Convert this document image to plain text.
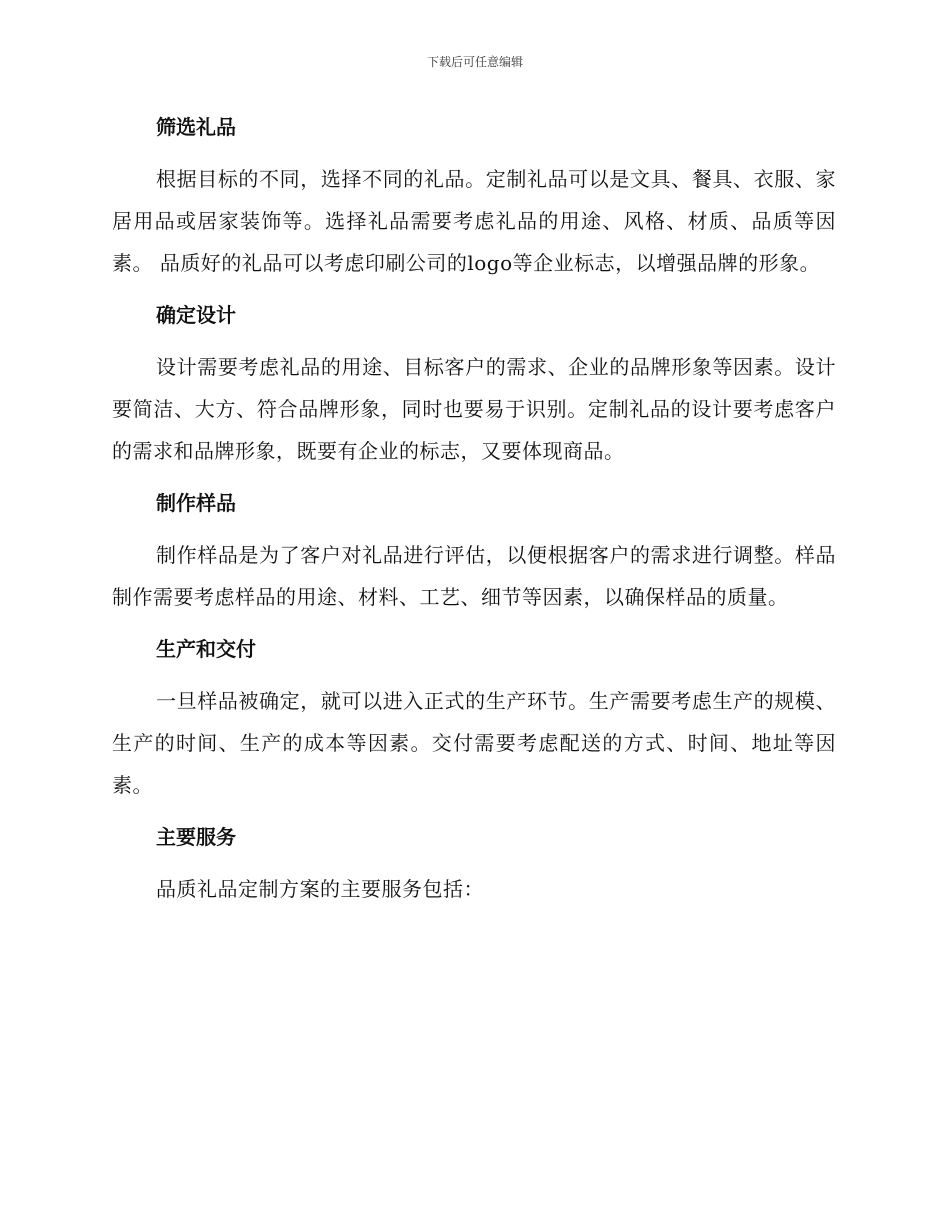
下载后可任意编辑
筛选礼品

根据目标的不同，选择不同的礼品。定制礼品可以是文具、餐具、衣服、家居用品或居家装饰等。选择礼品需要考虑礼品的用途、风格、材质、品质等因素。 品质好的礼品可以考虑印刷公司的logo等企业标志，以增强品牌的形象。

确定设计

设计需要考虑礼品的用途、目标客户的需求、企业的品牌形象等因素。设计要简洁、大方、符合品牌形象，同时也要易于识别。定制礼品的设计要考虑客户的需求和品牌形象，既要有企业的标志，又要体现商品。

制作样品

制作样品是为了客户对礼品进行评估，以便根据客户的需求进行调整。样品制作需要考虑样品的用途、材料、工艺、细节等因素，以确保样品的质量。

生产和交付

一旦样品被确定，就可以进入正式的生产环节。生产需要考虑生产的规模、生产的时间、生产的成本等因素。交付需要考虑配送的方式、时间、地址等因素。

主要服务

品质礼品定制方案的主要服务包括：
